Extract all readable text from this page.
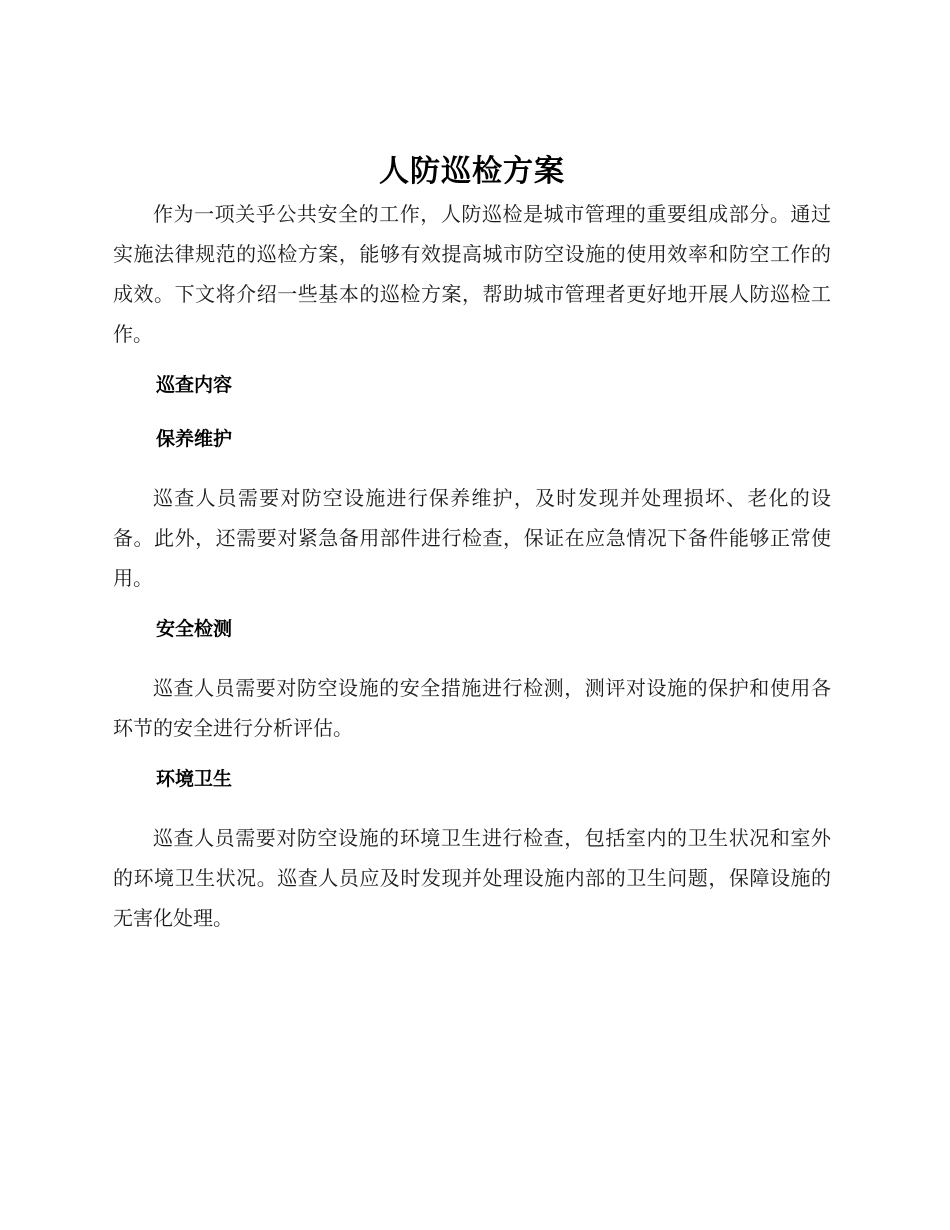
人防巡检方案

作为一项关乎公共安全的工作，人防巡检是城市管理的重要组成部分。通过实施法律规范的巡检方案，能够有效提高城市防空设施的使用效率和防空工作的成效。下文将介绍一些基本的巡检方案，帮助城市管理者更好地开展人防巡检工作。

巡查内容
保养维护

巡查人员需要对防空设施进行保养维护，及时发现并处理损坏、老化的设备。此外，还需要对紧急备用部件进行检查，保证在应急情况下备件能够正常使用。

安全检测

巡查人员需要对防空设施的安全措施进行检测，测评对设施的保护和使用各环节的安全进行分析评估。

环境卫生

巡查人员需要对防空设施的环境卫生进行检查，包括室内的卫生状况和室外的环境卫生状况。巡查人员应及时发现并处理设施内部的卫生问题，保障设施的无害化处理。
